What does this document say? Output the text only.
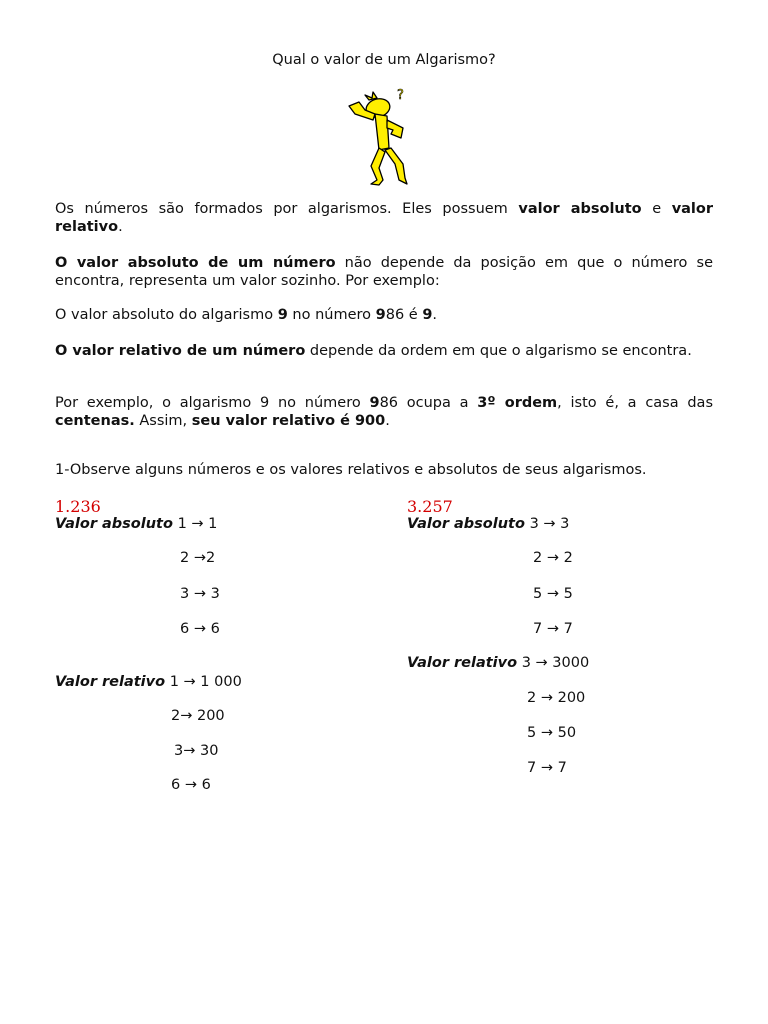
Qual o valor de um Algarismo?
?
Os números são formados por algarismos. Eles possuem valor absoluto e valor relativo.
O valor absoluto de um número não depende da posição em que o número se encontra, representa um valor sozinho. Por exemplo:
O valor absoluto do algarismo 9 no número 986 é 9.
O valor relativo de um número depende da ordem em que o algarismo se encontra.
Por exemplo, o algarismo 9 no número 986 ocupa a 3º ordem, isto é, a casa das centenas. Assim, seu valor relativo é 900.
1-Observe alguns números e os valores relativos e absolutos de seus algarismos.
1.236
Valor absoluto 1 → 1
2 →2
3 → 3
6 → 6
Valor relativo 1 → 1 000
2→ 200
3→ 30
6 → 6
3.257
Valor absoluto 3 → 3
2 → 2
5 → 5
7 → 7
Valor relativo 3 → 3000
2 → 200
5 → 50
7 → 7
